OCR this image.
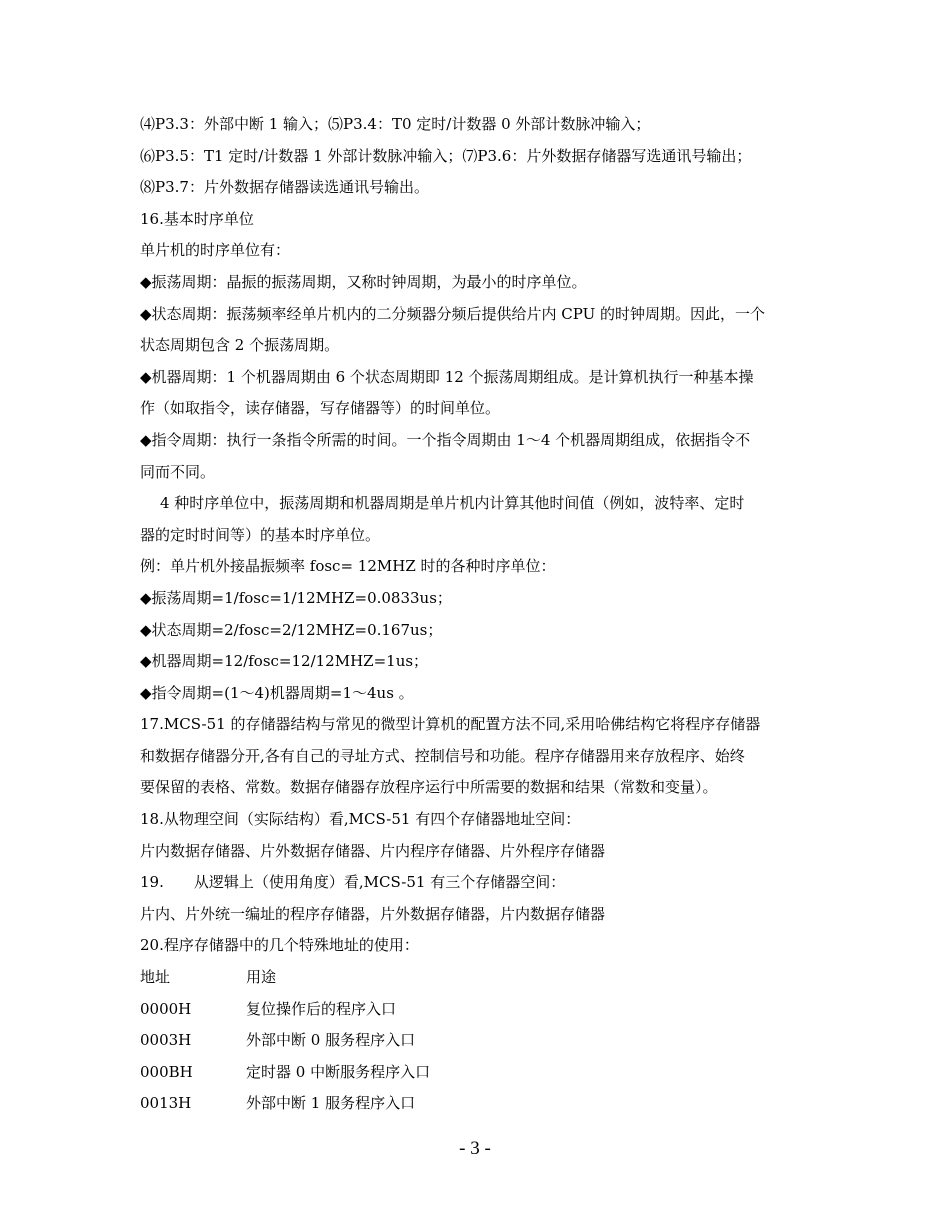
⑷P3.3：外部中断 1 输入；⑸P3.4：T0 定时/计数器 0 外部计数脉冲输入；
⑹P3.5：T1 定时/计数器 1 外部计数脉冲输入；⑺P3.6：片外数据存储器写选通讯号输出；
⑻P3.7：片外数据存储器读选通讯号输出。
16.基本时序单位
单片机的时序单位有：
◆振荡周期：晶振的振荡周期，又称时钟周期，为最小的时序单位。
◆状态周期：振荡频率经单片机内的二分频器分频后提供给片内 CPU 的时钟周期。因此，一个
状态周期包含 2 个振荡周期。
◆机器周期：1 个机器周期由 6 个状态周期即 12 个振荡周期组成。是计算机执行一种基本操
作（如取指令，读存储器，写存储器等）的时间单位。
◆指令周期：执行一条指令所需的时间。一个指令周期由 1～4 个机器周期组成，依据指令不
同而不同。
4 种时序单位中，振荡周期和机器周期是单片机内计算其他时间值（例如，波特率、定时
器的定时时间等）的基本时序单位。
例：单片机外接晶振频率 fosc= 12MHZ 时的各种时序单位：
◆振荡周期=1/fosc=1/12MHZ=0.0833us；
◆状态周期=2/fosc=2/12MHZ=0.167us；
◆机器周期=12/fosc=12/12MHZ=1us；
◆指令周期=(1～4)机器周期=1～4us 。
17.MCS-51 的存储器结构与常见的微型计算机的配置方法不同,采用哈佛结构它将程序存储器
和数据存储器分开,各有自己的寻址方式、控制信号和功能。程序存储器用来存放程序、始终
要保留的表格、常数。数据存储器存放程序运行中所需要的数据和结果（常数和变量）。
18.从物理空间（实际结构）看,MCS-51 有四个存储器地址空间：
片内数据存储器、片外数据存储器、片内程序存储器、片外程序存储器
19.　　从逻辑上（使用角度）看,MCS-51 有三个存储器空间：
片内、片外统一编址的程序存储器，片外数据存储器，片内数据存储器
20.程序存储器中的几个特殊地址的使用：
地址	用途
0000H	复位操作后的程序入口
0003H	外部中断 0 服务程序入口
000BH	定时器 0 中断服务程序入口
0013H	外部中断 1 服务程序入口
- 3 -
